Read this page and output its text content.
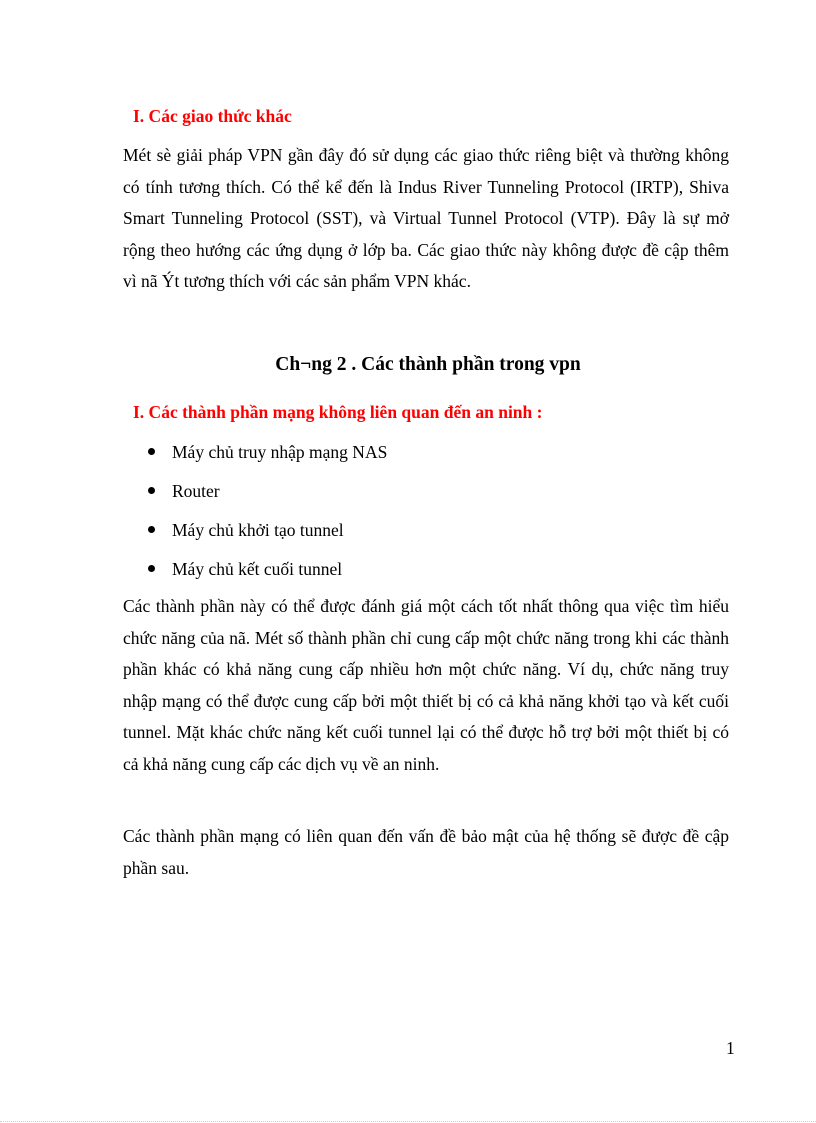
I. Các giao thức khác

Mét sè giải pháp VPN gần đây đó sử dụng các giao thức riêng biệt và thường không có tính tương thích. Có thể kể đến là Indus River Tunneling Protocol (IRTP), Shiva Smart Tunneling Protocol (SST), và Virtual Tunnel Protocol (VTP). Đây là sự mở rộng theo hướng các ứng dụng ở lớp ba. Các giao thức này không được đề cập thêm vì nã Ýt tương thích với các sản phẩm VPN khác.

Ch¬ng 2 . Các thành phần trong vpn
I. Các thành phần mạng không liên quan đến an ninh :
Máy chủ truy nhập mạng NAS
Router
Máy chủ khởi tạo tunnel
Máy chủ kết cuối tunnel

Các thành phần này có thể được đánh giá một cách tốt nhất thông qua việc tìm hiểu chức năng của nã. Mét số thành phần chỉ cung cấp một chức năng trong khi các thành phần khác có khả năng cung cấp nhiều hơn một chức năng. Ví dụ, chức năng truy nhập mạng có thể được cung cấp bởi một thiết bị có cả khả năng khởi tạo và kết cuối tunnel. Mặt khác chức năng kết cuối tunnel lại có thể được hỗ trợ bởi một thiết bị có cả khả năng cung cấp các dịch vụ về an ninh.

Các thành phần mạng có liên quan đến vấn đề bảo mật của hệ thống sẽ được đề cập phần sau.

1
